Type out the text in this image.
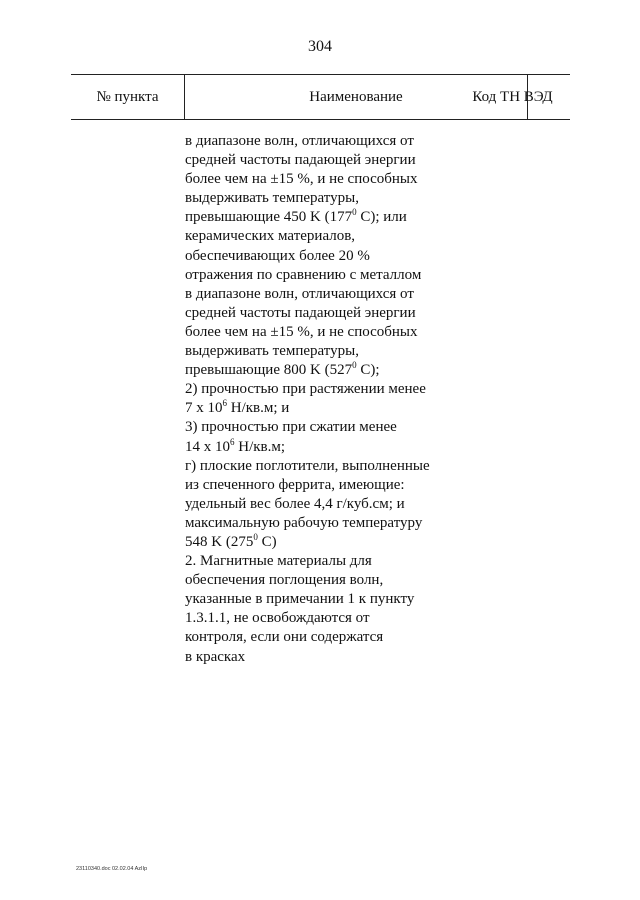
304
№ пункта	Наименование	Код ТН ВЭД
в диапазоне волн, отличающихся от
средней частоты падающей энергии
более чем на ±15 %, и не способных
выдерживать температуры,
превышающие 450 K ($177^0$ C); или
керамических материалов,
обеспечивающих более 20 %
отражения по сравнению с металлом
в диапазоне волн, отличающихся от
средней частоты падающей энергии
более чем на ±15 %, и не способных
выдерживать температуры,
превышающие 800 K ($527^0$ C);
2) прочностью при растяжении менее
7 x $10^6$ Н/кв.м; и
3) прочностью при сжатии менее
14 x $10^6$ Н/кв.м;
г) плоские поглотители, выполненные
из спеченного феррита, имеющие:
удельный вес более 4,4 г/куб.см; и
максимальную рабочую температуру
548 K ($275^0$ C)
2. Магнитные материалы для
обеспечения поглощения волн,
указанные в примечании 1 к пункту
1.3.1.1, не освобождаются от
контроля, если они содержатся
в красках
23110340.doc 02.02.04 AzIIp
